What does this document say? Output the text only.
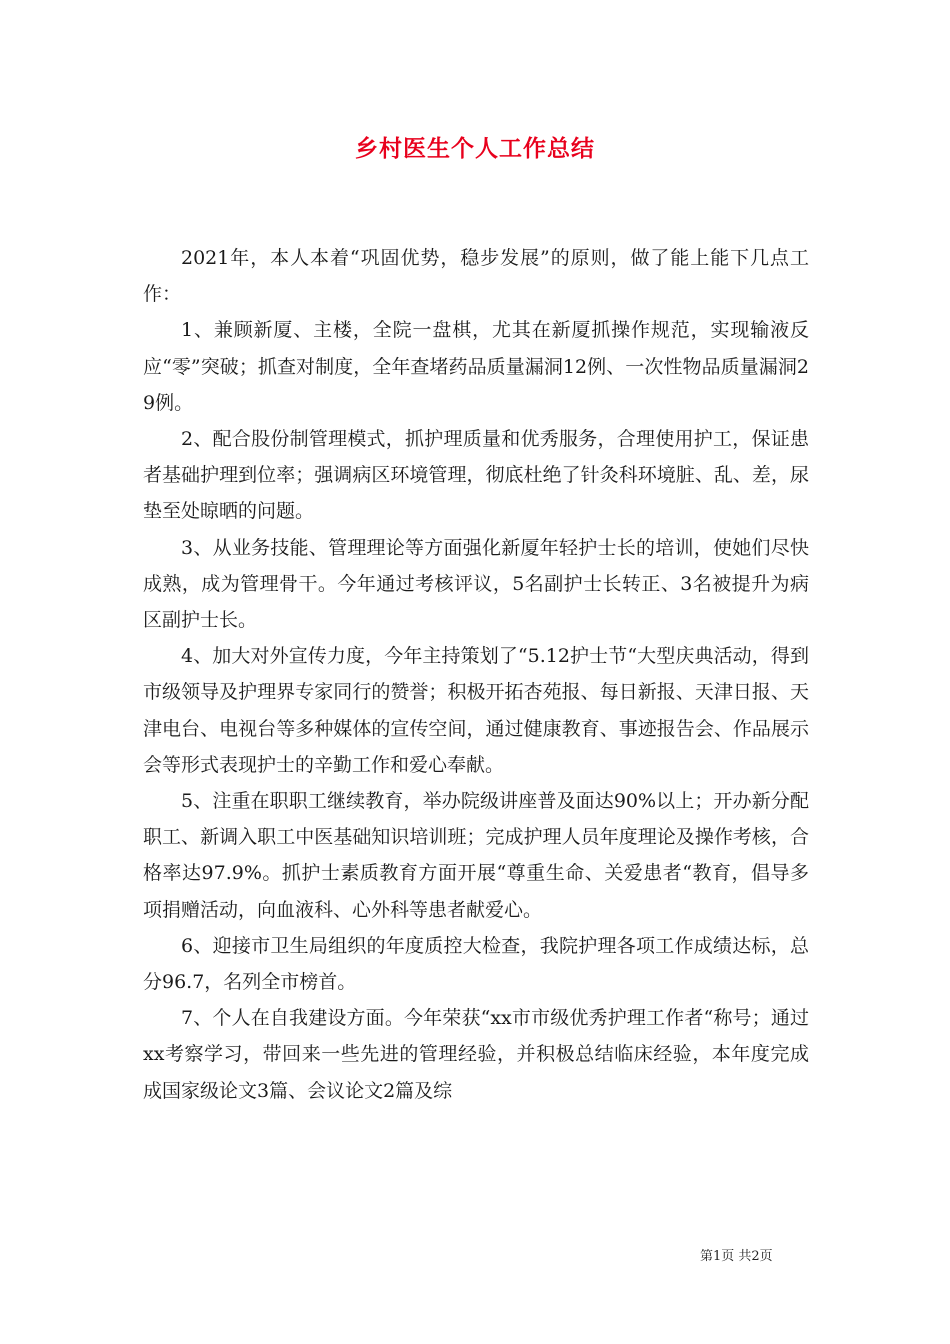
乡村医生个人工作总结

2021年，本人本着“巩固优势，稳步发展”的原则，做了能上能下几点工作：

1、兼顾新厦、主楼，全院一盘棋，尤其在新厦抓操作规范，实现输液反应“零”突破；抓查对制度，全年查堵药品质量漏洞12例、一次性物品质量漏洞29例。

2、配合股份制管理模式，抓护理质量和优秀服务，合理使用护工，保证患者基础护理到位率；强调病区环境管理，彻底杜绝了针灸科环境脏、乱、差，尿垫至处晾晒的问题。

3、从业务技能、管理理论等方面强化新厦年轻护士长的培训，使她们尽快成熟，成为管理骨干。今年通过考核评议，5名副护士长转正、3名被提升为病区副护士长。

4、加大对外宣传力度，今年主持策划了“5.12护士节“大型庆典活动，得到市级领导及护理界专家同行的赞誉；积极开拓杏苑报、每日新报、天津日报、天津电台、电视台等多种媒体的宣传空间，通过健康教育、事迹报告会、作品展示会等形式表现护士的辛勤工作和爱心奉献。

5、注重在职职工继续教育，举办院级讲座普及面达90%以上；开办新分配职工、新调入职工中医基础知识培训班；完成护理人员年度理论及操作考核，合格率达97.9%。抓护士素质教育方面开展“尊重生命、关爱患者“教育，倡导多项捐赠活动，向血液科、心外科等患者献爱心。

6、迎接市卫生局组织的年度质控大检查，我院护理各项工作成绩达标，总分96.7，名列全市榜首。

7、个人在自我建设方面。今年荣获“xx市市级优秀护理工作者“称号；通过xx考察学习，带回来一些先进的管理经验，并积极总结临床经验，本年度完成成国家级论文3篇、会议论文2篇及综

第1页 共2页
